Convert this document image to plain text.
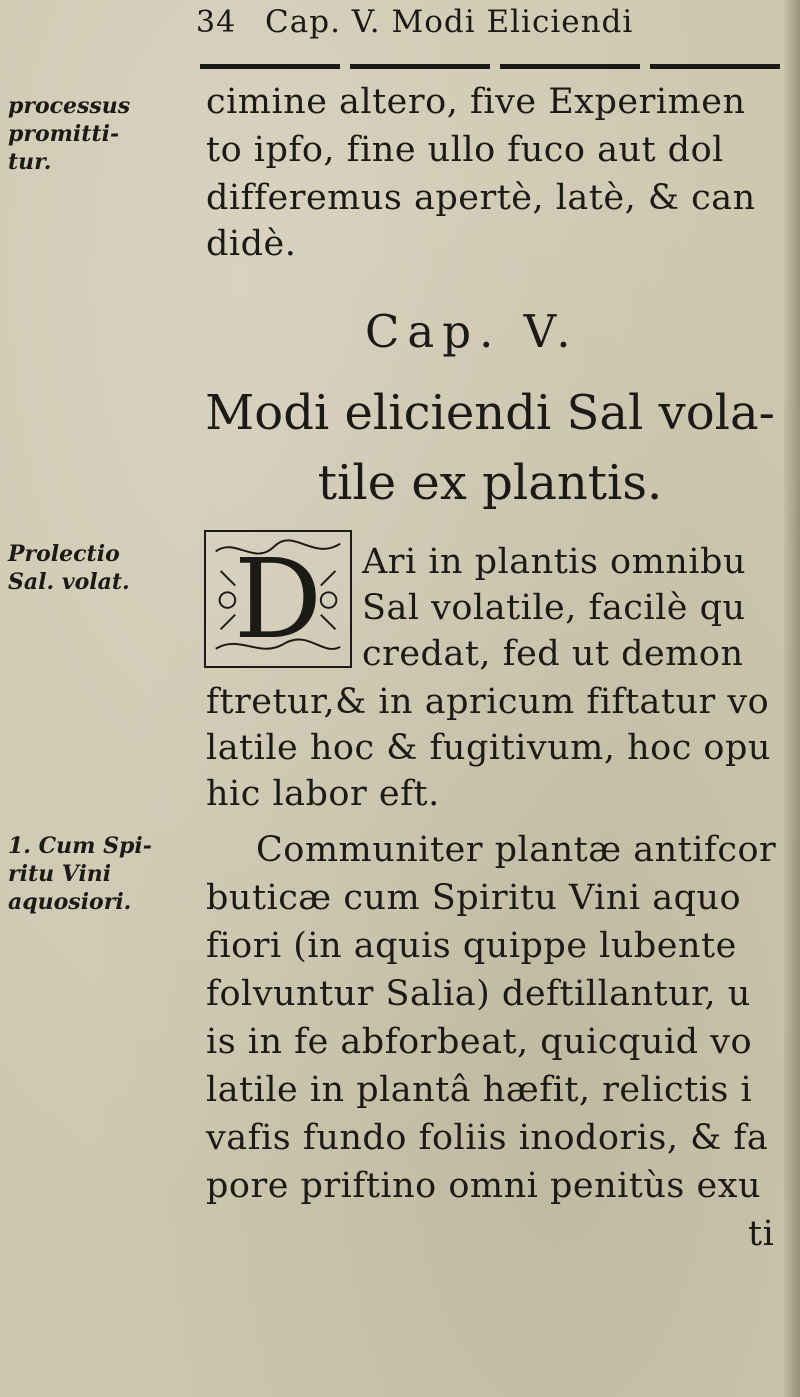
34 Cap. V. Modi Eliciendi
processus
promitti-
tur.
Prolectio
Sal. volat.
1. Cum Spi-
ritu Vini
aquosiori.
cimine altero, five Experimen
to ipfo, fine ullo fuco aut dol
differemus apertè, latè, & can
didè.
Cap. V.
Modi eliciendi Sal vola-
tile ex plantis.
D Ari in plantis omnibu
Sal volatile, facilè qu
credat, fed ut demon
ftretur,& in apricum fiftatur vo
latile hoc & fugitivum, hoc opu
hic labor eft.
Communiter plantæ antifcor
buticæ cum Spiritu Vini aquo
fiori (in aquis quippe lubente
folvuntur Salia) deftillantur, u
is in fe abforbeat, quicquid vo
latile in plantâ hæfit, relictis i
vafis fundo foliis inodoris, & fa
pore priftino omni penitùs exu
ti
